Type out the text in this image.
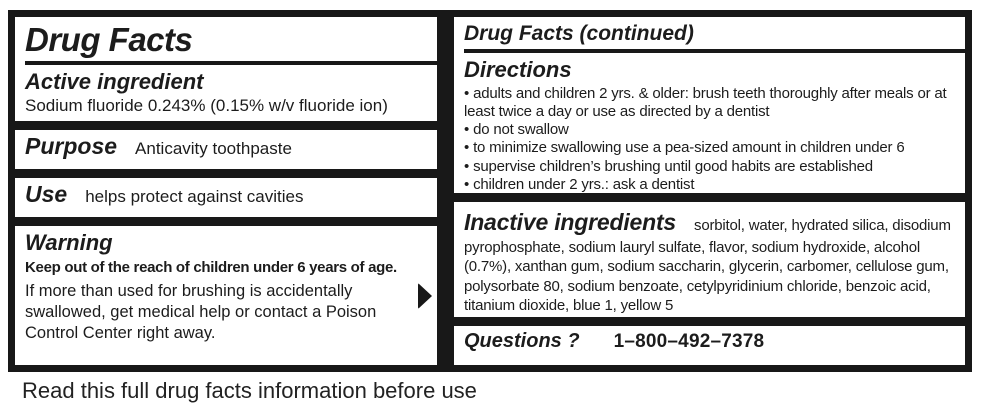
Drug Facts
Active ingredient
Sodium fluoride 0.243% (0.15% w/v fluoride ion)
Purpose Anticavity toothpaste
Use helps protect against cavities
Warning
Keep out of the reach of children under 6 years of age.
If more than used for brushing is accidentally swallowed, get medical help or contact a Poison Control Center right away.
Drug Facts (continued)
Directions
• adults and children 2 yrs. & older: brush teeth thoroughly after meals or at least twice a day or use as directed by a dentist
• do not swallow
• to minimize swallowing use a pea-sized amount in children under 6
• supervise children’s brushing until good habits are established
• children under 2 yrs.: ask a dentist
Inactive ingredients sorbitol, water, hydrated silica, disodium pyrophosphate, sodium lauryl sulfate, flavor, sodium hydroxide, alcohol (0.7%), xanthan gum, sodium saccharin, glycerin, carbomer, cellulose gum, polysorbate 80, sodium benzoate, cetylpyridinium chloride, benzoic acid, titanium dioxide, blue 1, yellow 5
Questions ? 1–800–492–7378
Read this full drug facts information before use
